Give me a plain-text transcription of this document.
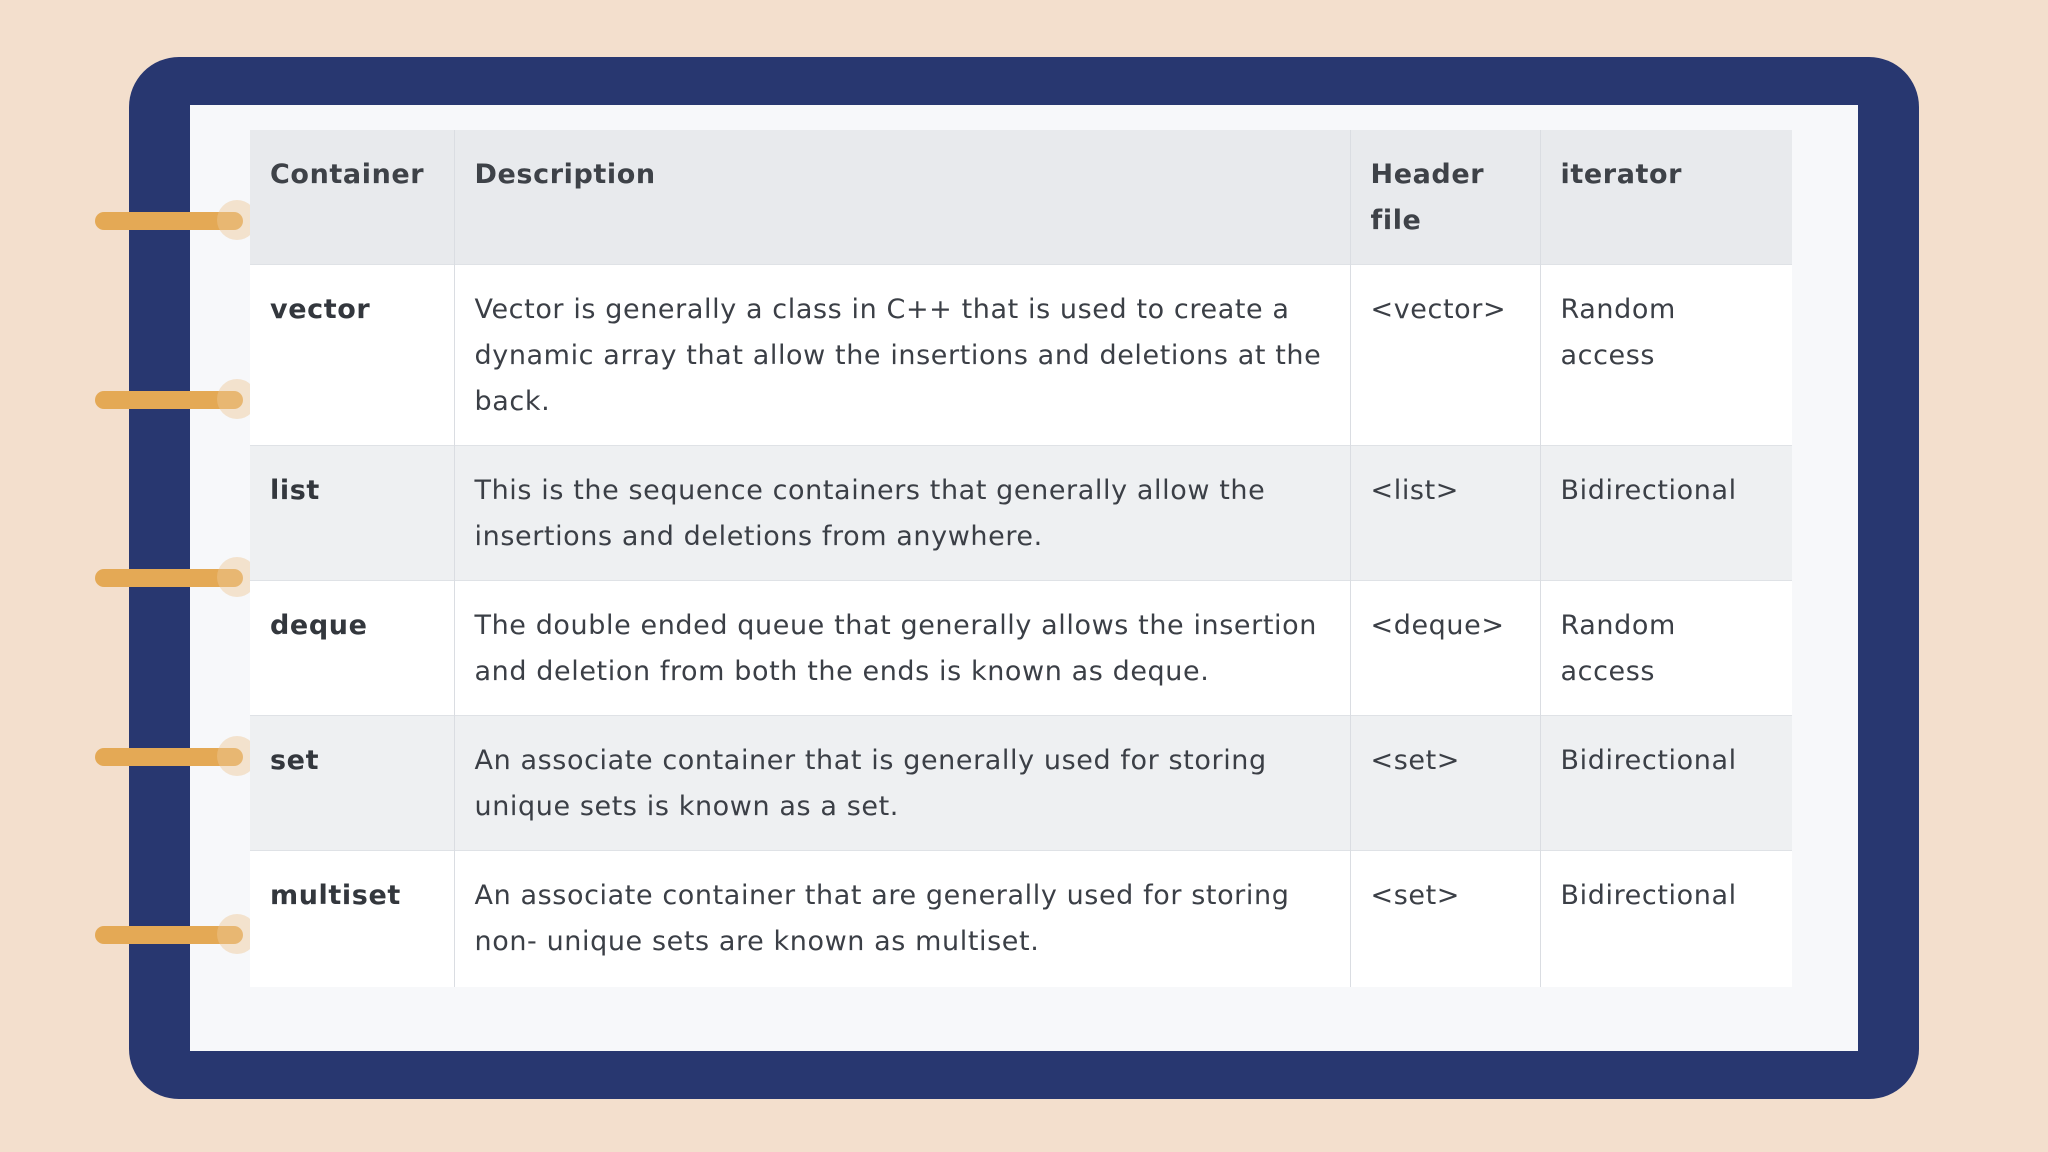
Container	Description	Header file	iterator
vector	Vector is generally a class in C++ that is used to create a dynamic array that allow the insertions and deletions at the back.	<vector>	Random access
list	This is the sequence containers that generally allow the insertions and deletions from anywhere.	<list>	Bidirectional
deque	The double ended queue that generally allows the insertion and deletion from both the ends is known as deque.	<deque>	Random access
set	An associate container that is generally used for storing unique sets is known as a set.	<set>	Bidirectional
multiset	An associate container that are generally used for storing non- unique sets are known as multiset.	<set>	Bidirectional
